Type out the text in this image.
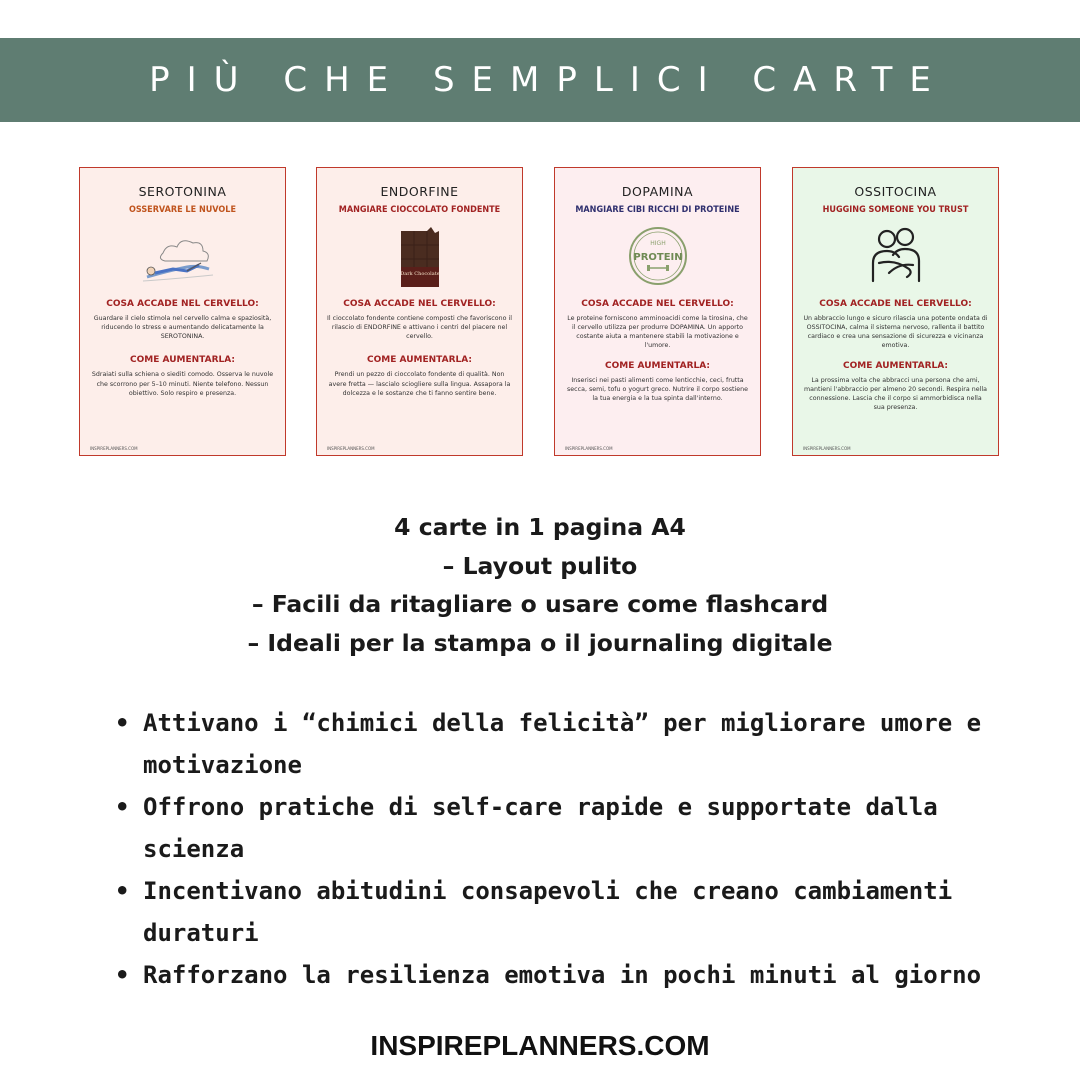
PIÙ CHE SEMPLICI CARTE
SEROTONINA
OSSERVARE LE NUVOLE
COSA ACCADE NEL CERVELLO:
Guardare il cielo stimola nel cervello calma e spaziosità, riducendo lo stress e aumentando delicatamente la SEROTONINA.
COME AUMENTARLA:
Sdraiati sulla schiena o siediti comodo. Osserva le nuvole che scorrono per 5–10 minuti. Niente telefono. Nessun obiettivo. Solo respiro e presenza.
INSPIREPLANNERS.COM
ENDORFINE
MANGIARE CIOCCOLATO FONDENTE
Dark Chocolate
COSA ACCADE NEL CERVELLO:
Il cioccolato fondente contiene composti che favoriscono il rilascio di ENDORFINE e attivano i centri del piacere nel cervello.
COME AUMENTARLA:
Prendi un pezzo di cioccolato fondente di qualità. Non avere fretta — lascialo sciogliere sulla lingua. Assapora la dolcezza e le sostanze che ti fanno sentire bene.
INSPIREPLANNERS.COM
DOPAMINA
MANGIARE CIBI RICCHI DI PROTEINE
HIGH
PROTEIN
COSA ACCADE NEL CERVELLO:
Le proteine forniscono amminoacidi come la tirosina, che il cervello utilizza per produrre DOPAMINA. Un apporto costante aiuta a mantenere stabili la motivazione e l'umore.
COME AUMENTARLA:
Inserisci nei pasti alimenti come lenticchie, ceci, frutta secca, semi, tofu o yogurt greco. Nutrire il corpo sostiene la tua energia e la tua spinta dall'interno.
INSPIREPLANNERS.COM
OSSITOCINA
HUGGING SOMEONE YOU TRUST
COSA ACCADE NEL CERVELLO:
Un abbraccio lungo e sicuro rilascia una potente ondata di OSSITOCINA, calma il sistema nervoso, rallenta il battito cardiaco e crea una sensazione di sicurezza e vicinanza emotiva.
COME AUMENTARLA:
La prossima volta che abbracci una persona che ami, mantieni l'abbraccio per almeno 20 secondi. Respira nella connessione. Lascia che il corpo si ammorbidisca nella sua presenza.
INSPIREPLANNERS.COM
4 carte in 1 pagina A4
– Layout pulito
– Facili da ritagliare o usare come flashcard
– Ideali per la stampa o il journaling digitale
• Attivano i “chimici della felicità” per migliorare umore e motivazione
• Offrono pratiche di self-care rapide e supportate dalla scienza
• Incentivano abitudini consapevoli che creano cambiamenti duraturi
• Rafforzano la resilienza emotiva in pochi minuti al giorno
INSPIREPLANNERS.COM
